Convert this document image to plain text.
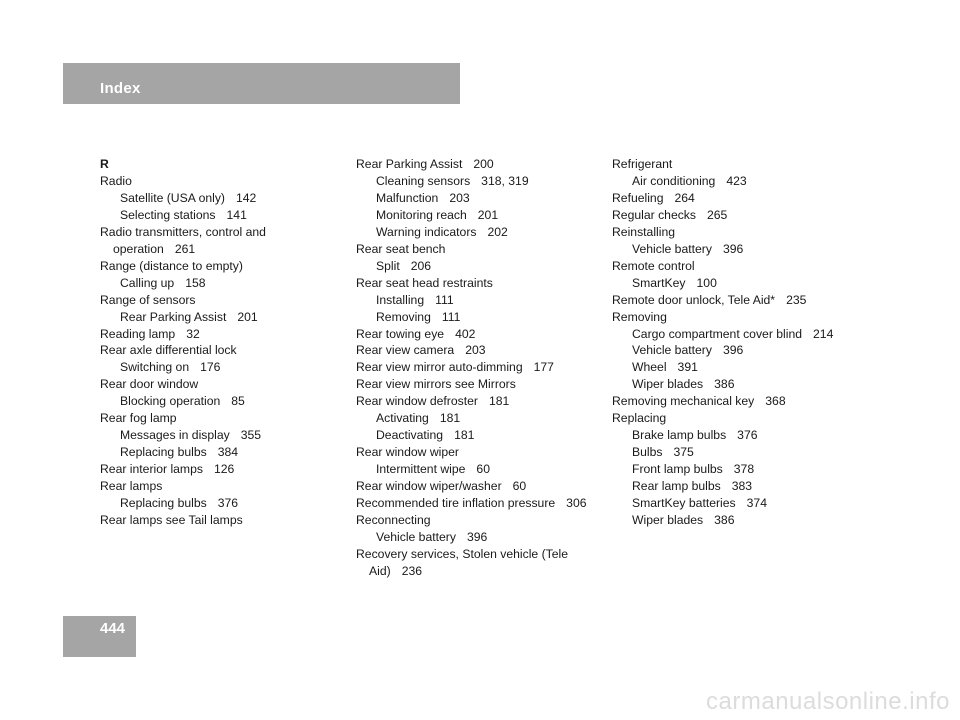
Index
R
Radio
Satellite (USA only) 142
Selecting stations 141
Radio transmitters, control and operation 261
Range (distance to empty)
Calling up 158
Range of sensors
Rear Parking Assist 201
Reading lamp 32
Rear axle differential lock
Switching on 176
Rear door window
Blocking operation 85
Rear fog lamp
Messages in display 355
Replacing bulbs 384
Rear interior lamps 126
Rear lamps
Replacing bulbs 376
Rear lamps see Tail lamps
Rear Parking Assist 200
Cleaning sensors 318, 319
Malfunction 203
Monitoring reach 201
Warning indicators 202
Rear seat bench
Split 206
Rear seat head restraints
Installing 111
Removing 111
Rear towing eye 402
Rear view camera 203
Rear view mirror auto-dimming 177
Rear view mirrors see Mirrors
Rear window defroster 181
Activating 181
Deactivating 181
Rear window wiper
Intermittent wipe 60
Rear window wiper/washer 60
Recommended tire inflation pressure 306
Reconnecting
Vehicle battery 396
Recovery services, Stolen vehicle (Tele Aid) 236
Refrigerant
Air conditioning 423
Refueling 264
Regular checks 265
Reinstalling
Vehicle battery 396
Remote control
SmartKey 100
Remote door unlock, Tele Aid* 235
Removing
Cargo compartment cover blind 214
Vehicle battery 396
Wheel 391
Wiper blades 386
Removing mechanical key 368
Replacing
Brake lamp bulbs 376
Bulbs 375
Front lamp bulbs 378
Rear lamp bulbs 383
SmartKey batteries 374
Wiper blades 386
444
carmanualsonline.info
